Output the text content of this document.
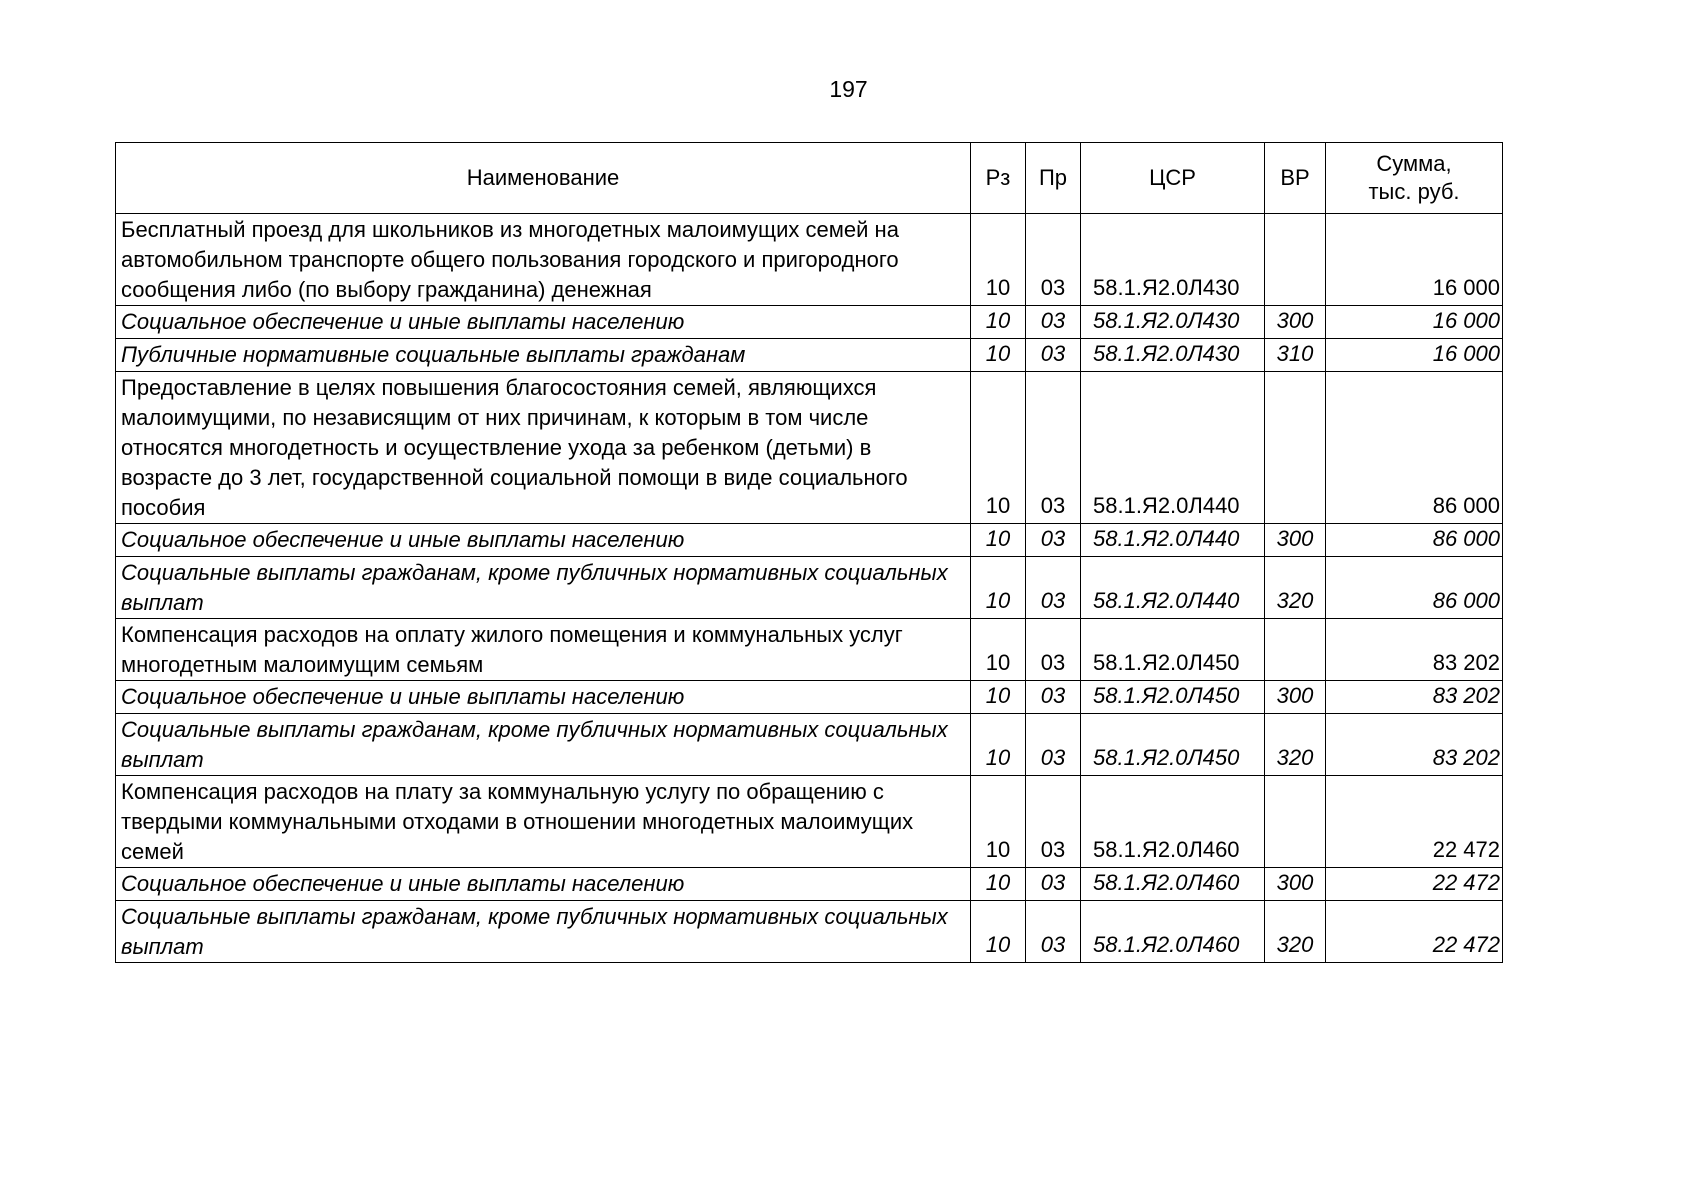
197
Наименование	Рз	Пр	ЦСР	ВР	Сумма,
тыс. руб.

Бесплатный проезд для школьников из многодетных малоимущих семей на автомобильном транспорте общего пользования городского и пригородного сообщения либо (по выбору гражданина) денежная	10	03	58.1.Я2.0Л430		16 000
Социальное обеспечение и иные выплаты населению	10	03	58.1.Я2.0Л430	300	16 000
Публичные нормативные социальные выплаты гражданам	10	03	58.1.Я2.0Л430	310	16 000
Предоставление в целях повышения благосостояния семей, являющихся малоимущими, по независящим от них причинам, к которым в том числе относятся многодетность и осуществление ухода за ребенком (детьми) в возрасте до 3 лет, государственной социальной помощи в виде социального пособия	10	03	58.1.Я2.0Л440		86 000
Социальное обеспечение и иные выплаты населению	10	03	58.1.Я2.0Л440	300	86 000
Социальные выплаты гражданам, кроме публичных нормативных социальных выплат	10	03	58.1.Я2.0Л440	320	86 000
Компенсация расходов на оплату жилого помещения и коммунальных услуг многодетным малоимущим семьям	10	03	58.1.Я2.0Л450		83 202
Социальное обеспечение и иные выплаты населению	10	03	58.1.Я2.0Л450	300	83 202
Социальные выплаты гражданам, кроме публичных нормативных социальных выплат	10	03	58.1.Я2.0Л450	320	83 202
Компенсация расходов на плату за коммунальную услугу по обращению с твердыми коммунальными отходами в отношении многодетных малоимущих семей	10	03	58.1.Я2.0Л460		22 472
Социальное обеспечение и иные выплаты населению	10	03	58.1.Я2.0Л460	300	22 472
Социальные выплаты гражданам, кроме публичных нормативных социальных выплат	10	03	58.1.Я2.0Л460	320	22 472
